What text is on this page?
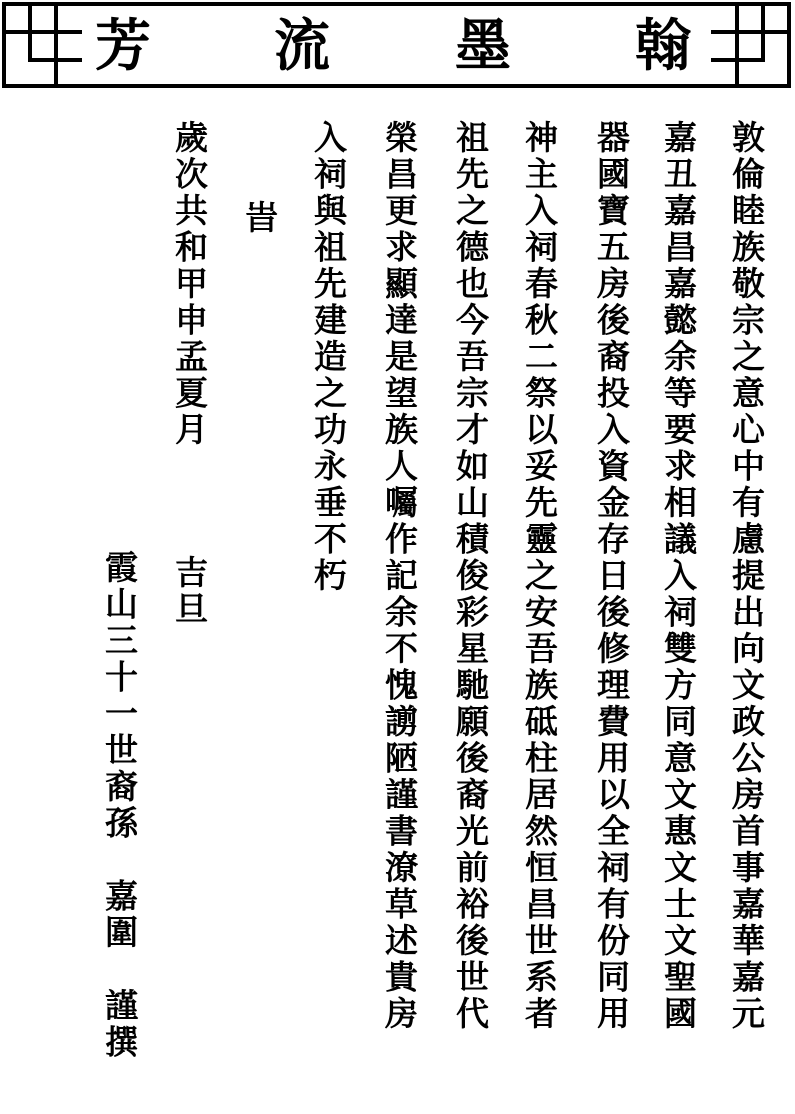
芳 流 墨 翰
敦倫睦族敬宗之意心中有慮提出向文政公房首事嘉華嘉元
嘉丑嘉昌嘉懿余等要求相議入祠雙方同意文惠文士文聖國
器國寶五房後裔投入資金存日後修理費用以全祠有份同用
神主入祠春秋二祭以妥先靈之安吾族砥柱居然恒昌世系者
祖先之德也今吾宗才如山積俊彩星馳願後裔光前裕後世代
榮昌更求顯達是望族人囑作記余不愧謭陋謹書潦草述貴房
入祠與祖先建造之功永垂不朽
旹
歲次共和甲申孟夏月
吉旦
霞山三十一世裔孫　嘉圍　謹撰
